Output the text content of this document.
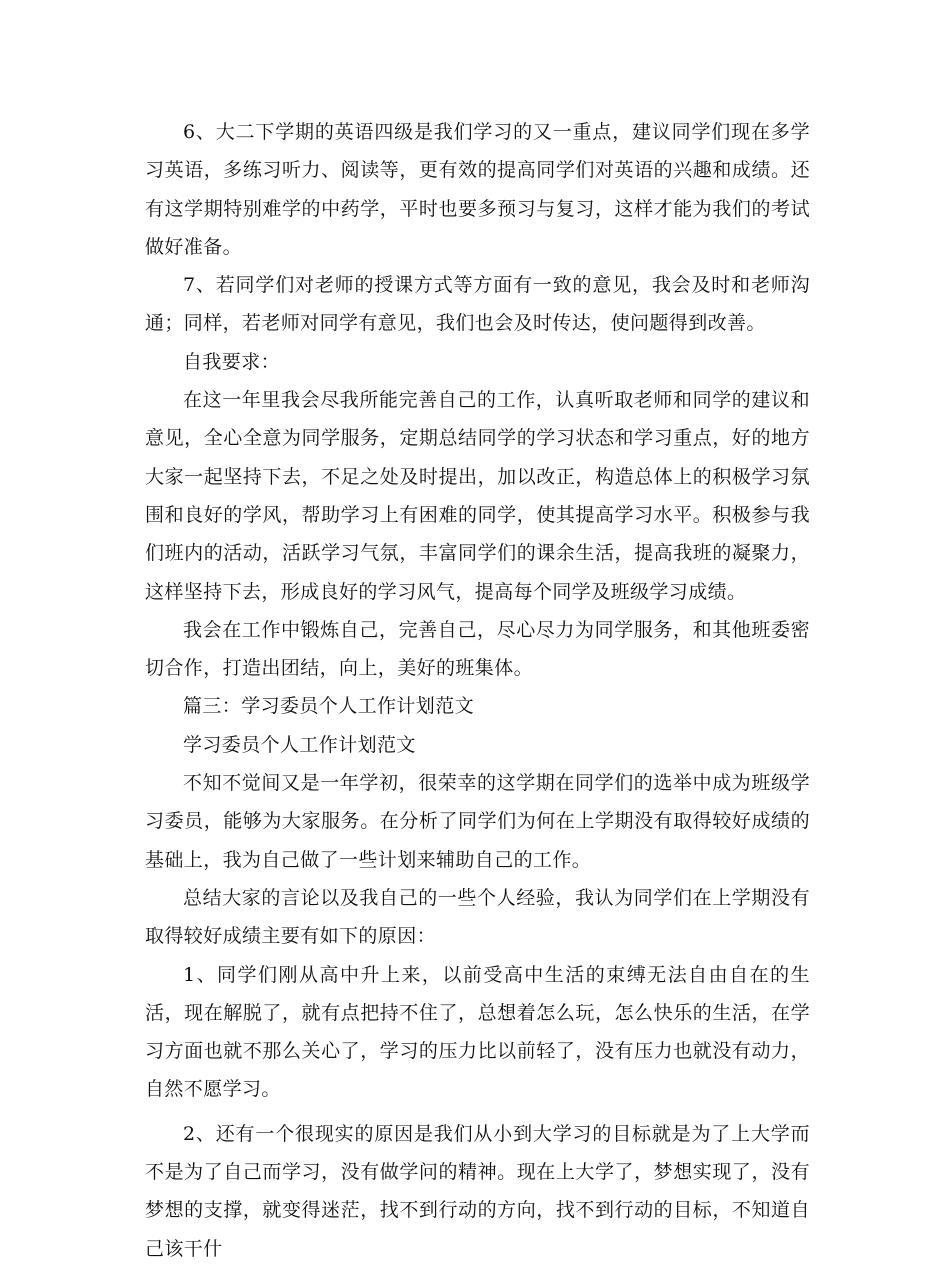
6、大二下学期的英语四级是我们学习的又一重点，建议同学们现在多学习英语，多练习听力、阅读等，更有效的提高同学们对英语的兴趣和成绩。还有这学期特别难学的中药学，平时也要多预习与复习，这样才能为我们的考试做好准备。

7、若同学们对老师的授课方式等方面有一致的意见，我会及时和老师沟通；同样，若老师对同学有意见，我们也会及时传达，使问题得到改善。

自我要求：

在这一年里我会尽我所能完善自己的工作，认真听取老师和同学的建议和意见，全心全意为同学服务，定期总结同学的学习状态和学习重点，好的地方大家一起坚持下去，不足之处及时提出，加以改正，构造总体上的积极学习氛围和良好的学风，帮助学习上有困难的同学，使其提高学习水平。积极参与我们班内的活动，活跃学习气氛，丰富同学们的课余生活，提高我班的凝聚力，这样坚持下去，形成良好的学习风气，提高每个同学及班级学习成绩。

我会在工作中锻炼自己，完善自己，尽心尽力为同学服务，和其他班委密切合作，打造出团结，向上，美好的班集体。

篇三：学习委员个人工作计划范文

学习委员个人工作计划范文

不知不觉间又是一年学初，很荣幸的这学期在同学们的选举中成为班级学习委员，能够为大家服务。在分析了同学们为何在上学期没有取得较好成绩的基础上，我为自己做了一些计划来辅助自己的工作。

总结大家的言论以及我自己的一些个人经验，我认为同学们在上学期没有取得较好成绩主要有如下的原因：

1、同学们刚从高中升上来，以前受高中生活的束缚无法自由自在的生活，现在解脱了，就有点把持不住了，总想着怎么玩，怎么快乐的生活，在学习方面也就不那么关心了，学习的压力比以前轻了，没有压力也就没有动力，自然不愿学习。

2、还有一个很现实的原因是我们从小到大学习的目标就是为了上大学而不是为了自己而学习，没有做学问的精神。现在上大学了，梦想实现了，没有梦想的支撑，就变得迷茫，找不到行动的方向，找不到行动的目标，不知道自己该干什
